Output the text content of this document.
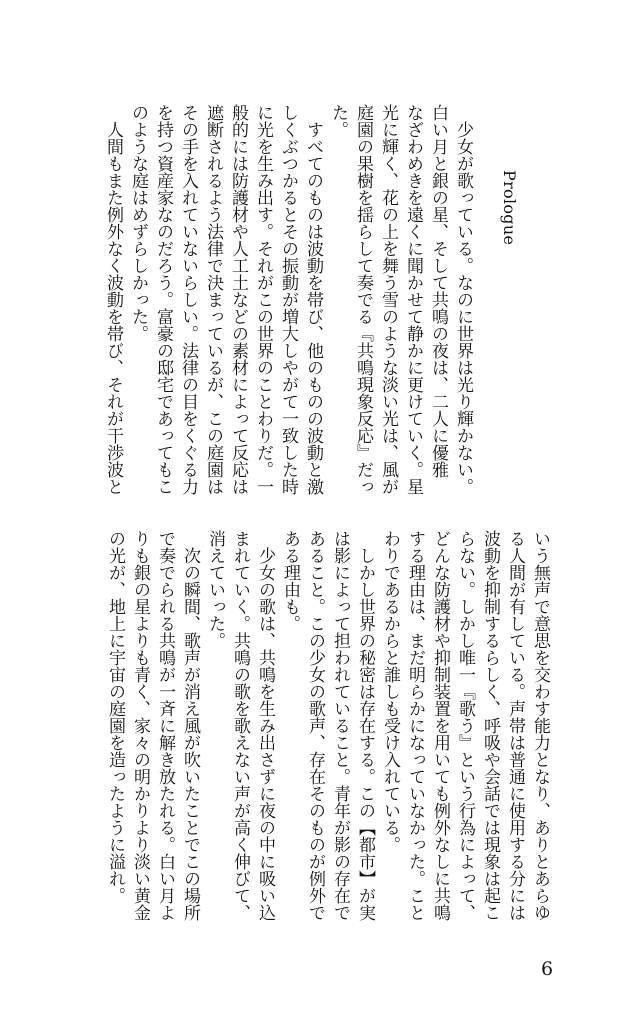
Prologue
　少女が歌っている。なのに世界は光り輝かない。
白い月と銀の星、そして共鳴の夜は、二人に優雅
なざわめきを遠くに聞かせて静かに更けていく。星
光に輝く、花の上を舞う雪のような淡い光は、風が
庭園の果樹を揺らして奏でる『共鳴現象反応』だっ
た。
　すべてのものは波動を帯び、他のものの波動と激
しくぶつかるとその振動が増大しやがて一致した時
に光を生み出す。それがこの世界のことわりだ。一
般的には防護材や人工土などの素材によって反応は
遮断されるよう法律で決まっているが、この庭園は
その手を入れていないらしい。法律の目をくぐる力
を持つ資産家なのだろう。富豪の邸宅であってもこ
のような庭はめずらしかった。
　人間もまた例外なく波動を帯び、それが干渉波と
いう無声で意思を交わす能力となり、ありとあらゆ
る人間が有している。声帯は普通に使用する分には
波動を抑制するらしく、呼吸や会話では現象は起こ
らない。しかし唯一『歌う』という行為によって、
どんな防護材や抑制装置を用いても例外なしに共鳴
する理由は、まだ明らかになっていなかった。こと
わりであるからと誰しも受け入れている。
　しかし世界の秘密は存在する。この【都市】が実
は影によって担われていること。青年が影の存在で
あること。この少女の歌声、存在そのものが例外で
ある理由も。
　少女の歌は、共鳴を生み出さずに夜の中に吸い込
まれていく。共鳴の歌を歌えない声が高く伸びて、
消えていった。
　次の瞬間、歌声が消え風が吹いたことでこの場所
で奏でられる共鳴が一斉に解き放たれる。白い月よ
りも銀の星よりも青く、家々の明かりより淡い黄金
の光が、地上に宇宙の庭園を造ったように溢れ。
6
